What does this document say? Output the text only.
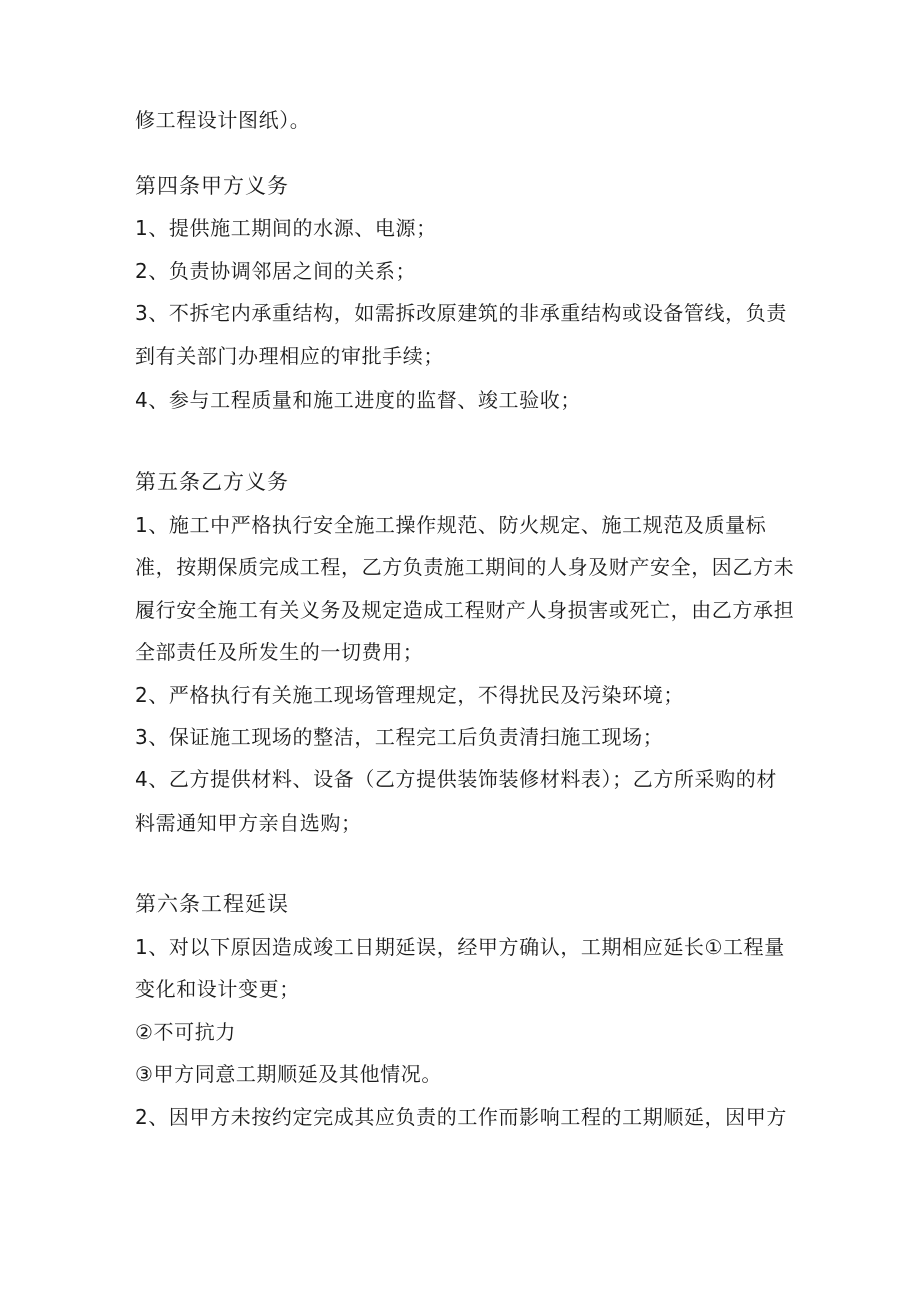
修工程设计图纸）。
第四条甲方义务
1、提供施工期间的水源、电源；
2、负责协调邻居之间的关系；
3、不拆宅内承重结构，如需拆改原建筑的非承重结构或设备管线，负责
到有关部门办理相应的审批手续；
4、参与工程质量和施工进度的监督、竣工验收；
第五条乙方义务
1、施工中严格执行安全施工操作规范、防火规定、施工规范及质量标
准，按期保质完成工程，乙方负责施工期间的人身及财产安全，因乙方未
履行安全施工有关义务及规定造成工程财产人身损害或死亡，由乙方承担
全部责任及所发生的一切费用；
2、严格执行有关施工现场管理规定，不得扰民及污染环境；
3、保证施工现场的整洁，工程完工后负责清扫施工现场；
4、乙方提供材料、设备（乙方提供装饰装修材料表）；乙方所采购的材
料需通知甲方亲自选购；
第六条工程延误
1、对以下原因造成竣工日期延误，经甲方确认，工期相应延长①工程量
变化和设计变更；
②不可抗力
③甲方同意工期顺延及其他情况。
2、因甲方未按约定完成其应负责的工作而影响工程的工期顺延，因甲方
